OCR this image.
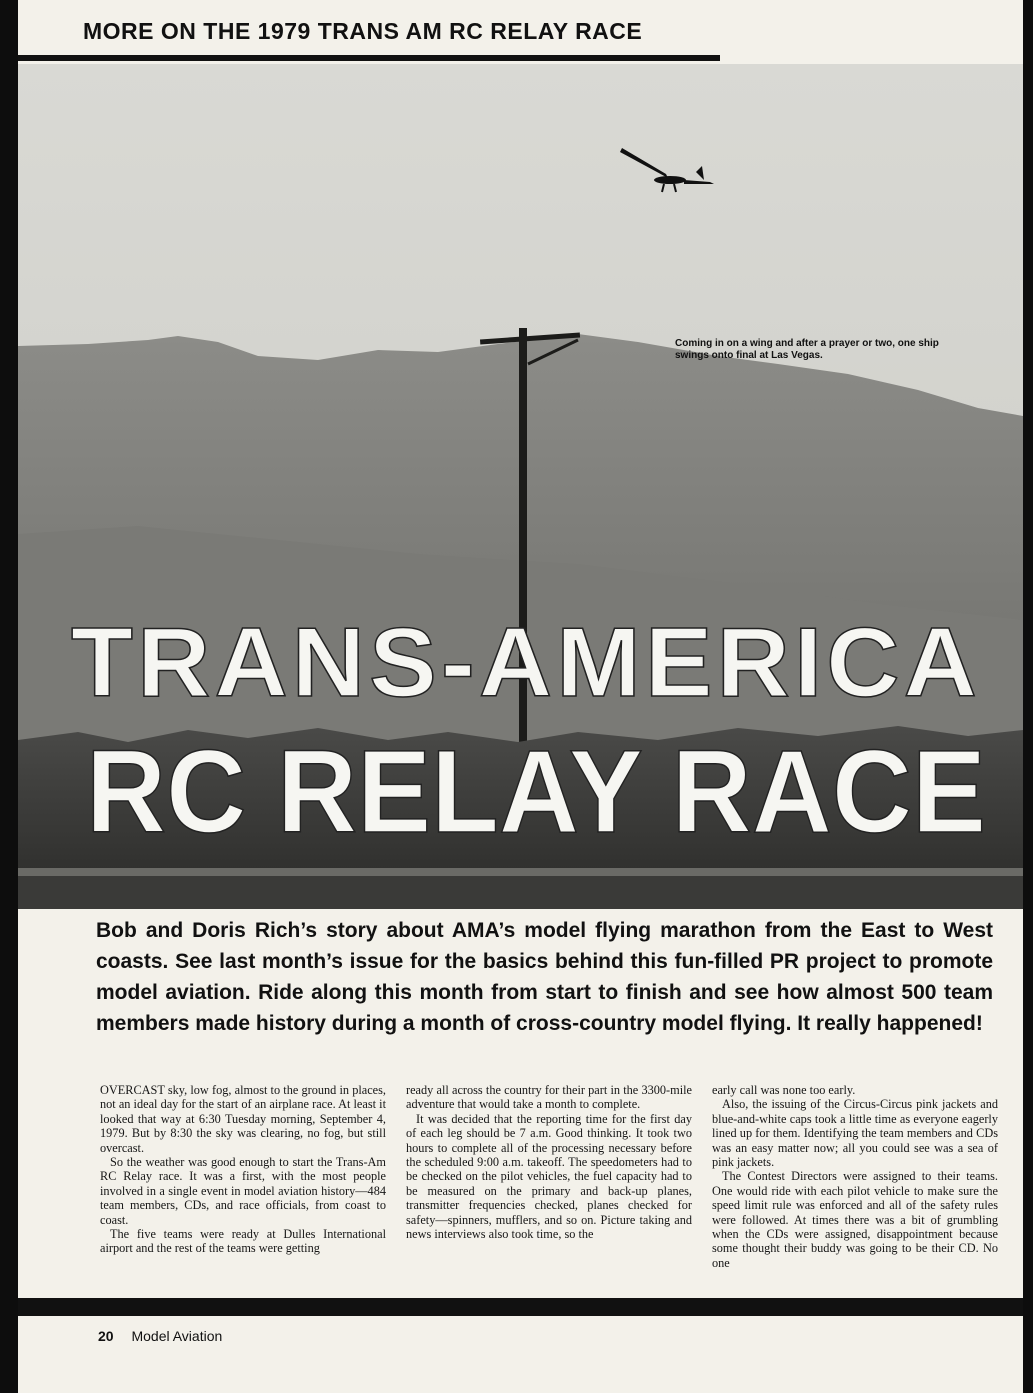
MORE ON THE 1979 TRANS AM RC RELAY RACE
TRANS-AMERICA
RC RELAY RACE
Coming in on a wing and after a prayer or two, one ship swings onto final at Las Vegas.
Bob and Doris Rich’s story about AMA’s model flying marathon from the East to West coasts. See last month’s issue for the basics behind this fun-filled PR project to promote model aviation. Ride along this month from start to finish and see how almost 500 team members made history during a month of cross-country model flying. It really happened!

OVERCAST sky, low fog, almost to the ground in places, not an ideal day for the start of an airplane race. At least it looked that way at 6:30 Tuesday morning, September 4, 1979. But by 8:30 the sky was clearing, no fog, but still overcast.

So the weather was good enough to start the Trans-Am RC Relay race. It was a first, with the most people involved in a single event in model aviation history—484 team members, CDs, and race officials, from coast to coast.

The five teams were ready at Dulles International airport and the rest of the teams were getting

ready all across the country for their part in the 3300-mile adventure that would take a month to complete.

It was decided that the reporting time for the first day of each leg should be 7 a.m. Good thinking. It took two hours to complete all of the processing necessary before the scheduled 9:00 a.m. takeoff. The speedometers had to be checked on the pilot vehicles, the fuel capacity had to be measured on the primary and back-up planes, transmitter frequencies checked, planes checked for safety—spinners, mufflers, and so on. Picture taking and news interviews also took time, so the

early call was none too early.

Also, the issuing of the Circus-Circus pink jackets and blue-and-white caps took a little time as everyone eagerly lined up for them. Identifying the team members and CDs was an easy matter now; all you could see was a sea of pink jackets.

The Contest Directors were assigned to their teams. One would ride with each pilot vehicle to make sure the speed limit rule was enforced and all of the safety rules were followed. At times there was a bit of grumbling when the CDs were assigned, disappointment because some thought their buddy was going to be their CD. No one

20 Model Aviation
